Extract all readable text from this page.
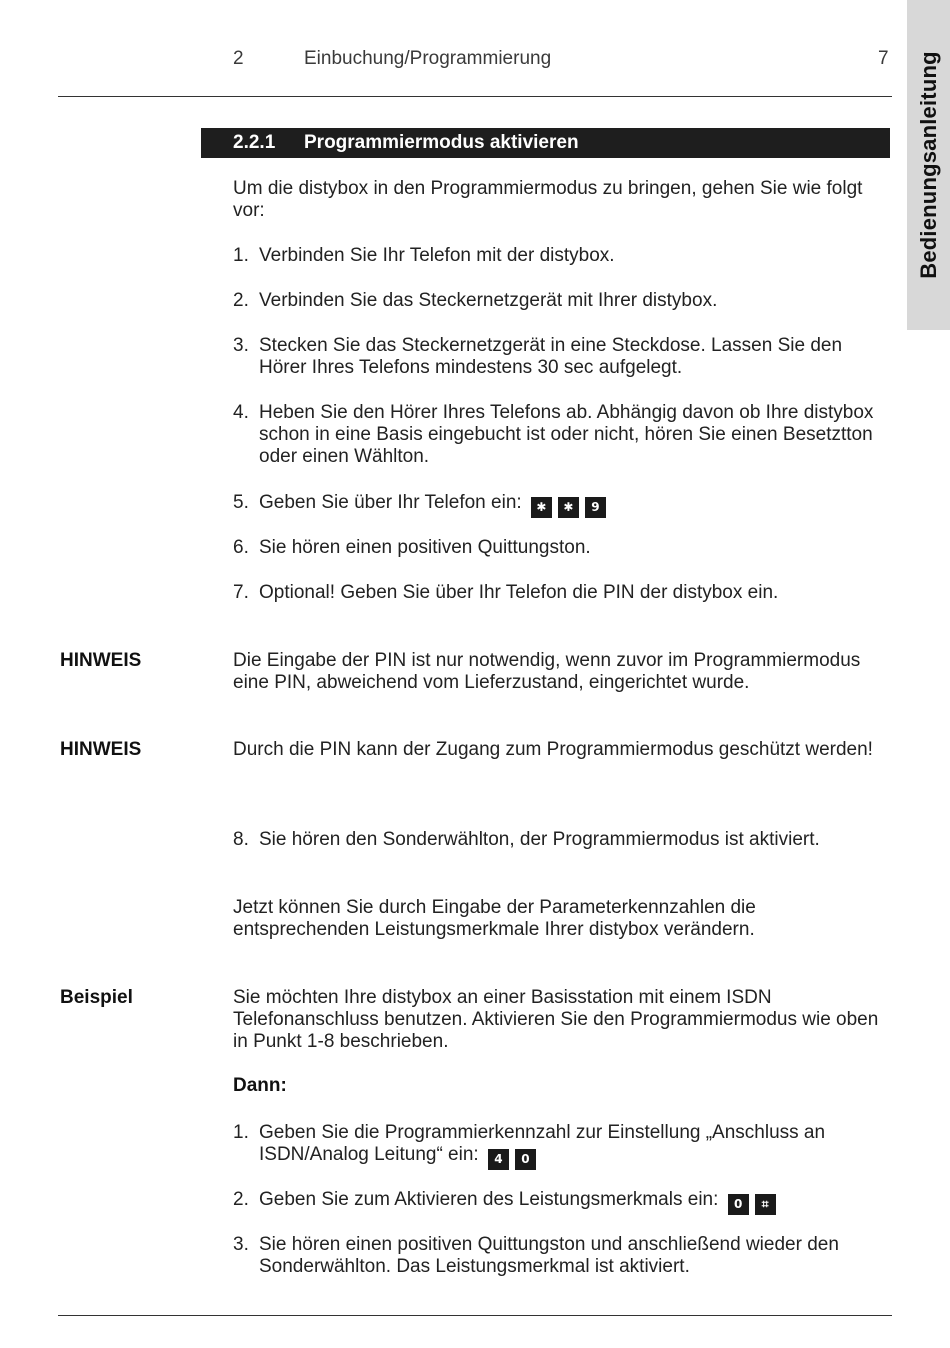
2	Einbuchung/Programmierung	7 Bedienungsanleitung
2.2.1 Programmiermodus aktivieren
Um die distybox in den Programmiermodus zu bringen, gehen Sie wie folgt vor:
1. Verbinden Sie Ihr Telefon mit der distybox.
2. Verbinden Sie das Steckernetzgerät mit Ihrer distybox.
3. Stecken Sie das Steckernetzgerät in eine Steckdose. Lassen Sie den Hörer Ihres Telefons mindestens 30 sec aufgelegt.
4. Heben Sie den Hörer Ihres Telefons ab. Abhängig davon ob Ihre distybox schon in eine Basis eingebucht ist oder nicht, hören Sie einen Besetztton oder einen Wählton.
5. Geben Sie über Ihr Telefon ein: ✱ ✱ 9
6. Sie hören einen positiven Quittungston.
7. Optional! Geben Sie über Ihr Telefon die PIN der distybox ein.
HINWEIS	Die Eingabe der PIN ist nur notwendig, wenn zuvor im Programmiermodus eine PIN, abweichend vom Lieferzustand, eingerichtet wurde.
HINWEIS	Durch die PIN kann der Zugang zum Programmiermodus geschützt werden!
8. Sie hören den Sonderwählton, der Programmiermodus ist aktiviert.
Jetzt können Sie durch Eingabe der Parameterkennzahlen die entsprechenden Leistungsmerkmale Ihrer distybox verändern.
Beispiel	Sie möchten Ihre distybox an einer Basisstation mit einem ISDN Telefonanschluss benutzen. Aktivieren Sie den Programmiermodus wie oben in Punkt 1-8 beschrieben.
Dann:
1. Geben Sie die Programmierkennzahl zur Einstellung „Anschluss an ISDN/Analog Leitung“ ein: 4 0
2. Geben Sie zum Aktivieren des Leistungsmerkmals ein: 0 ⌗
3. Sie hören einen positiven Quittungston und anschließend wieder den Sonderwählton. Das Leistungsmerkmal ist aktiviert.
